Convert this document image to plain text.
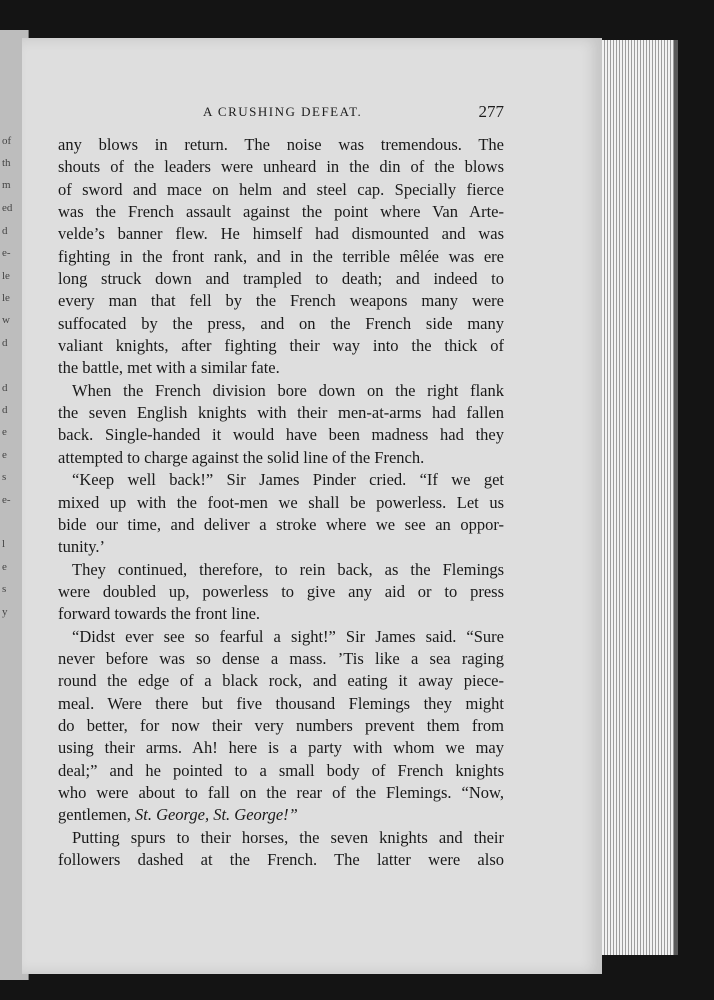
of
th
m
ed
d
e-
le
le
w
d
d
d
e
e
s
e-
l
e
s
y
A CRUSHING DEFEAT.	277
any blows in return. The noise was tremendous. The
shouts of the leaders were unheard in the din of the blows
of sword and mace on helm and steel cap. Specially fierce
was the French assault against the point where Van Arte-
velde’s banner flew. He himself had dismounted and was
fighting in the front rank, and in the terrible mêlée was ere
long struck down and trampled to death; and indeed to
every man that fell by the French weapons many were
suffocated by the press, and on the French side many
valiant knights, after fighting their way into the thick of
the battle, met with a similar fate.
When the French division bore down on the right flank
the seven English knights with their men-at-arms had fallen
back. Single-handed it would have been madness had they
attempted to charge against the solid line of the French.
“Keep well back!” Sir James Pinder cried. “If we get
mixed up with the foot-men we shall be powerless. Let us
bide our time, and deliver a stroke where we see an oppor-
tunity.’
They continued, therefore, to rein back, as the Flemings
were doubled up, powerless to give any aid or to press
forward towards the front line.
“Didst ever see so fearful a sight!” Sir James said. “Sure
never before was so dense a mass. ’Tis like a sea raging
round the edge of a black rock, and eating it away piece-
meal. Were there but five thousand Flemings they might
do better, for now their very numbers prevent them from
using their arms. Ah! here is a party with whom we may
deal;” and he pointed to a small body of French knights
who were about to fall on the rear of the Flemings. “Now,
gentlemen, St. George, St. George!”
Putting spurs to their horses, the seven knights and their
followers dashed at the French. The latter were also
